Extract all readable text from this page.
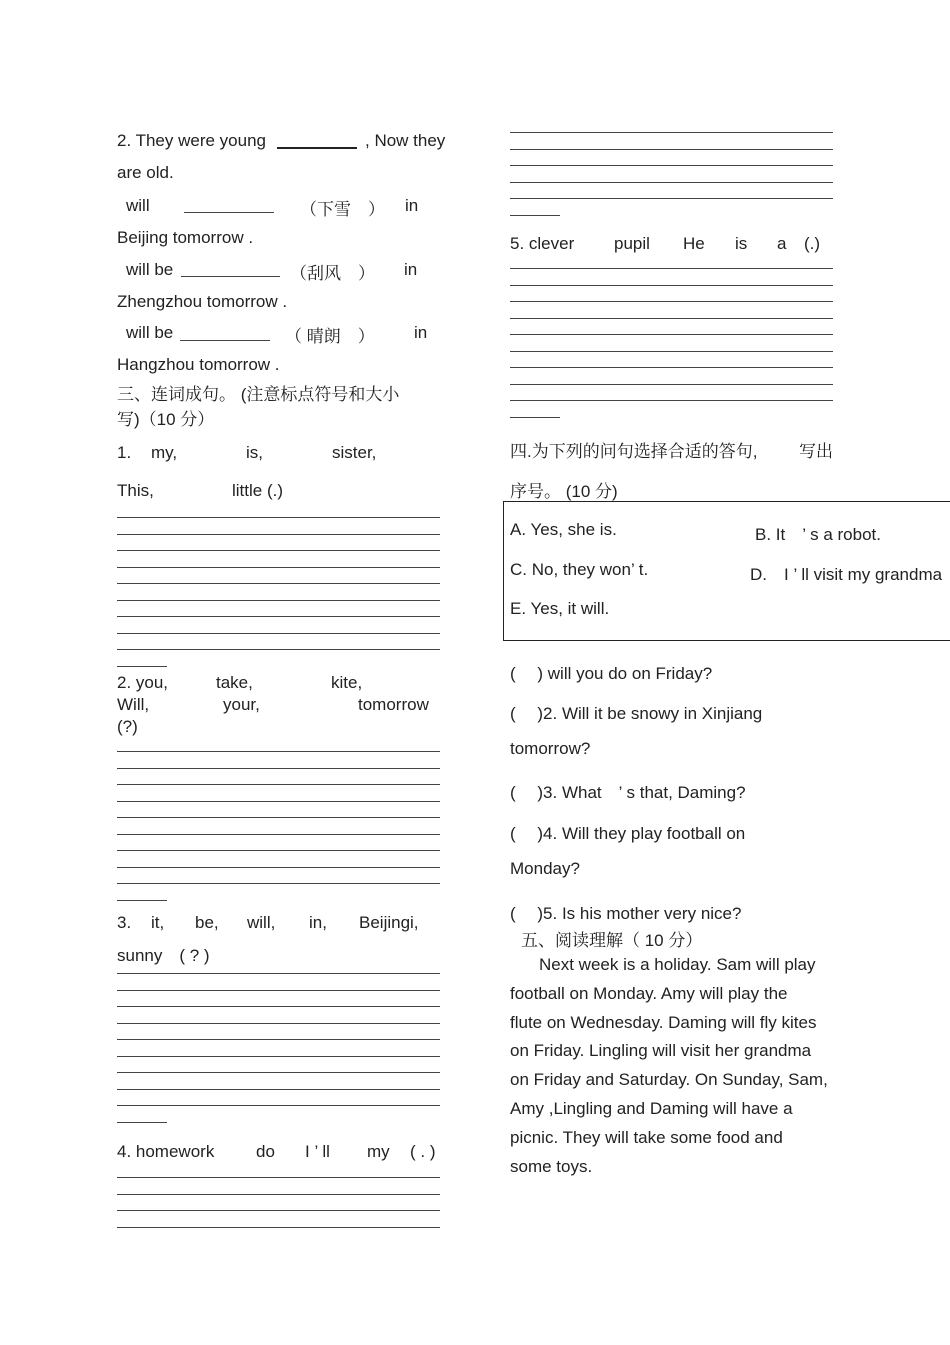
2. They were young	, Now they
are old.
will	（下雪　） in
Beijing tomorrow .
will be	（刮风　） in
Zhengzhou tomorrow .
will be	（ 晴朗　） in
Hangzhou tomorrow .
三、连词成句。 (注意标点符号和大小
写)（10 分）
1. my,	is,	sister,
This,	little (.)
2. you,	take,	kite,
Will,	your,	tomorrow
(?)
3. it, be, will, in, Beijingi,
sunny　( ? )
4. homework do I ’ ll my ( . )
5. clever pupil He is a (.)
四.为下列的问句选择合适的答句, 写出
序号。 (10 分)
A. Yes, she is.	B. It　’ s a robot.
C. No, they won’ t.	D.　I ’ ll visit my grandma
E. Yes, it will.
(　 ) will you do on Friday?
(　 )2. Will it be snowy in Xinjiang
tomorrow?
(　 )3. What　’ s that, Daming?
(　 )4. Will they play football on
Monday?
(　 )5. Is his mother very nice?
五、阅读理解（ 10 分）
Next week is a holiday. Sam will play
football on Monday. Amy will play the
flute on Wednesday. Daming will fly kites
on Friday. Lingling will visit her grandma
on Friday and Saturday. On Sunday, Sam,
Amy ,Lingling and Daming will have a
picnic. They will take some food and
some toys.
